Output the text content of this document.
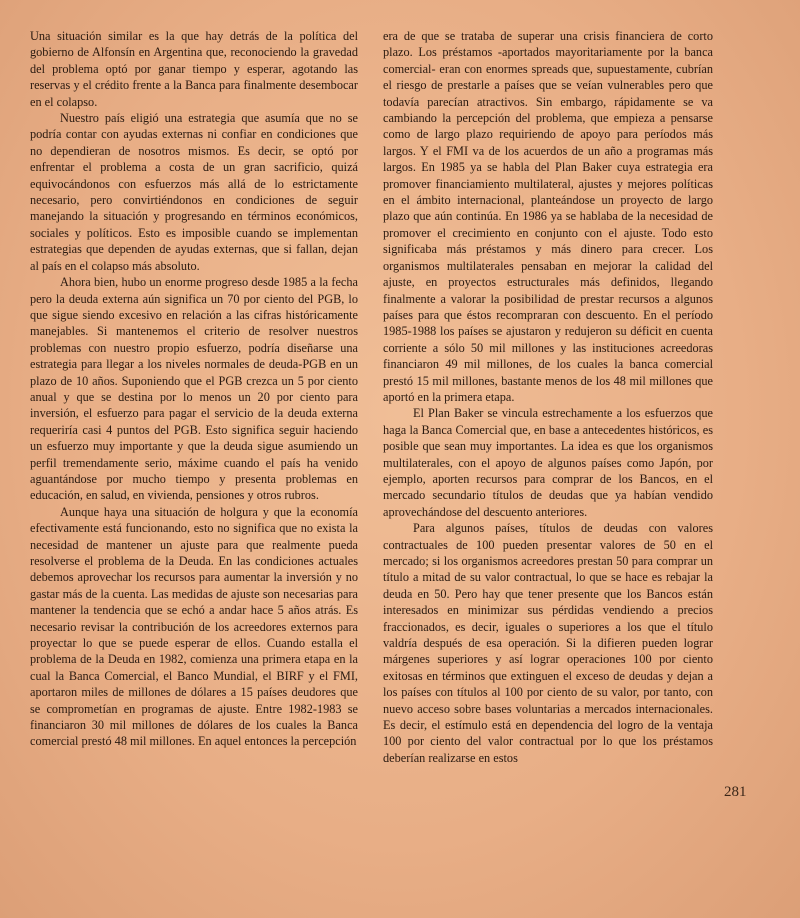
Una situación similar es la que hay detrás de la política del gobierno de Alfonsín en Argentina que, reconociendo la gravedad del problema optó por ganar tiempo y esperar, agotando las reservas y el crédito frente a la Banca para finalmente desembocar en el colapso.

Nuestro país eligió una estrategia que asumía que no se podría contar con ayudas externas ni confiar en condiciones que no dependieran de nosotros mismos. Es decir, se optó por enfrentar el problema a costa de un gran sacrificio, quizá equivocándonos con esfuerzos más allá de lo estrictamente necesario, pero convirtiéndonos en condiciones de seguir manejando la situación y progresando en términos económicos, sociales y políticos. Esto es imposible cuando se implementan estrategias que dependen de ayudas externas, que si fallan, dejan al país en el colapso más absoluto.

Ahora bien, hubo un enorme progreso desde 1985 a la fecha pero la deuda externa aún significa un 70 por ciento del PGB, lo que sigue siendo excesivo en relación a las cifras históricamente manejables. Si mantenemos el criterio de resolver nuestros problemas con nuestro propio esfuerzo, podría diseñarse una estrategia para llegar a los niveles normales de deuda-PGB en un plazo de 10 años. Suponiendo que el PGB crezca un 5 por ciento anual y que se destina por lo menos un 20 por ciento para inversión, el esfuerzo para pagar el servicio de la deuda externa requeriría casi 4 puntos del PGB. Esto significa seguir haciendo un esfuerzo muy importante y que la deuda sigue asumiendo un perfil tremendamente serio, máxime cuando el país ha venido aguantándose por mucho tiempo y presenta problemas en educación, en salud, en vivienda, pensiones y otros rubros.

Aunque haya una situación de holgura y que la economía efectivamente está funcionando, esto no significa que no exista la necesidad de mantener un ajuste para que realmente pueda resolverse el problema de la Deuda. En las condiciones actuales debemos aprovechar los recursos para aumentar la inversión y no gastar más de la cuenta. Las medidas de ajuste son necesarias para mantener la tendencia que se echó a andar hace 5 años atrás. Es necesario revisar la contribución de los acreedores externos para proyectar lo que se puede esperar de ellos. Cuando estalla el problema de la Deuda en 1982, comienza una primera etapa en la cual la Banca Comercial, el Banco Mundial, el BIRF y el FMI, aportaron miles de millones de dólares a 15 países deudores que se comprometían en programas de ajuste. Entre 1982-1983 se financiaron 30 mil millones de dólares de los cuales la Banca comercial prestó 48 mil millones. En aquel entonces la percepción

era de que se trataba de superar una crisis financiera de corto plazo. Los préstamos -aportados mayoritariamente por la banca comercial- eran con enormes spreads que, supuestamente, cubrían el riesgo de prestarle a países que se veían vulnerables pero que todavía parecían atractivos. Sin embargo, rápidamente se va cambiando la percepción del problema, que empieza a pensarse como de largo plazo requiriendo de apoyo para períodos más largos. Y el FMI va de los acuerdos de un año a programas más largos. En 1985 ya se habla del Plan Baker cuya estrategia era promover financiamiento multilateral, ajustes y mejores políticas en el ámbito internacional, planteándose un proyecto de largo plazo que aún continúa. En 1986 ya se hablaba de la necesidad de promover el crecimiento en conjunto con el ajuste. Todo esto significaba más préstamos y más dinero para crecer. Los organismos multilaterales pensaban en mejorar la calidad del ajuste, en proyectos estructurales más definidos, llegando finalmente a valorar la posibilidad de prestar recursos a algunos países para que éstos recompraran con descuento. En el período 1985-1988 los países se ajustaron y redujeron su déficit en cuenta corriente a sólo 50 mil millones y las instituciones acreedoras financiaron 49 mil millones, de los cuales la banca comercial prestó 15 mil millones, bastante menos de los 48 mil millones que aportó en la primera etapa.

El Plan Baker se vincula estrechamente a los esfuerzos que haga la Banca Comercial que, en base a antecedentes históricos, es posible que sean muy importantes. La idea es que los organismos multilaterales, con el apoyo de algunos países como Japón, por ejemplo, aporten recursos para comprar de los Bancos, en el mercado secundario títulos de deudas que ya habían vendido aprovechándose del descuento anteriores.

Para algunos países, títulos de deudas con valores contractuales de 100 pueden presentar valores de 50 en el mercado; si los organismos acreedores prestan 50 para comprar un título a mitad de su valor contractual, lo que se hace es rebajar la deuda en 50. Pero hay que tener presente que los Bancos están interesados en minimizar sus pérdidas vendiendo a precios fraccionados, es decir, iguales o superiores a los que el título valdría después de esa operación. Si la difieren pueden lograr márgenes superiores y así lograr operaciones 100 por ciento exitosas en términos que extinguen el exceso de deudas y dejan a los países con títulos al 100 por ciento de su valor, por tanto, con nuevo acceso sobre bases voluntarias a mercados internacionales. Es decir, el estímulo está en dependencia del logro de la ventaja 100 por ciento del valor contractual por lo que los préstamos deberían realizarse en estos

281
